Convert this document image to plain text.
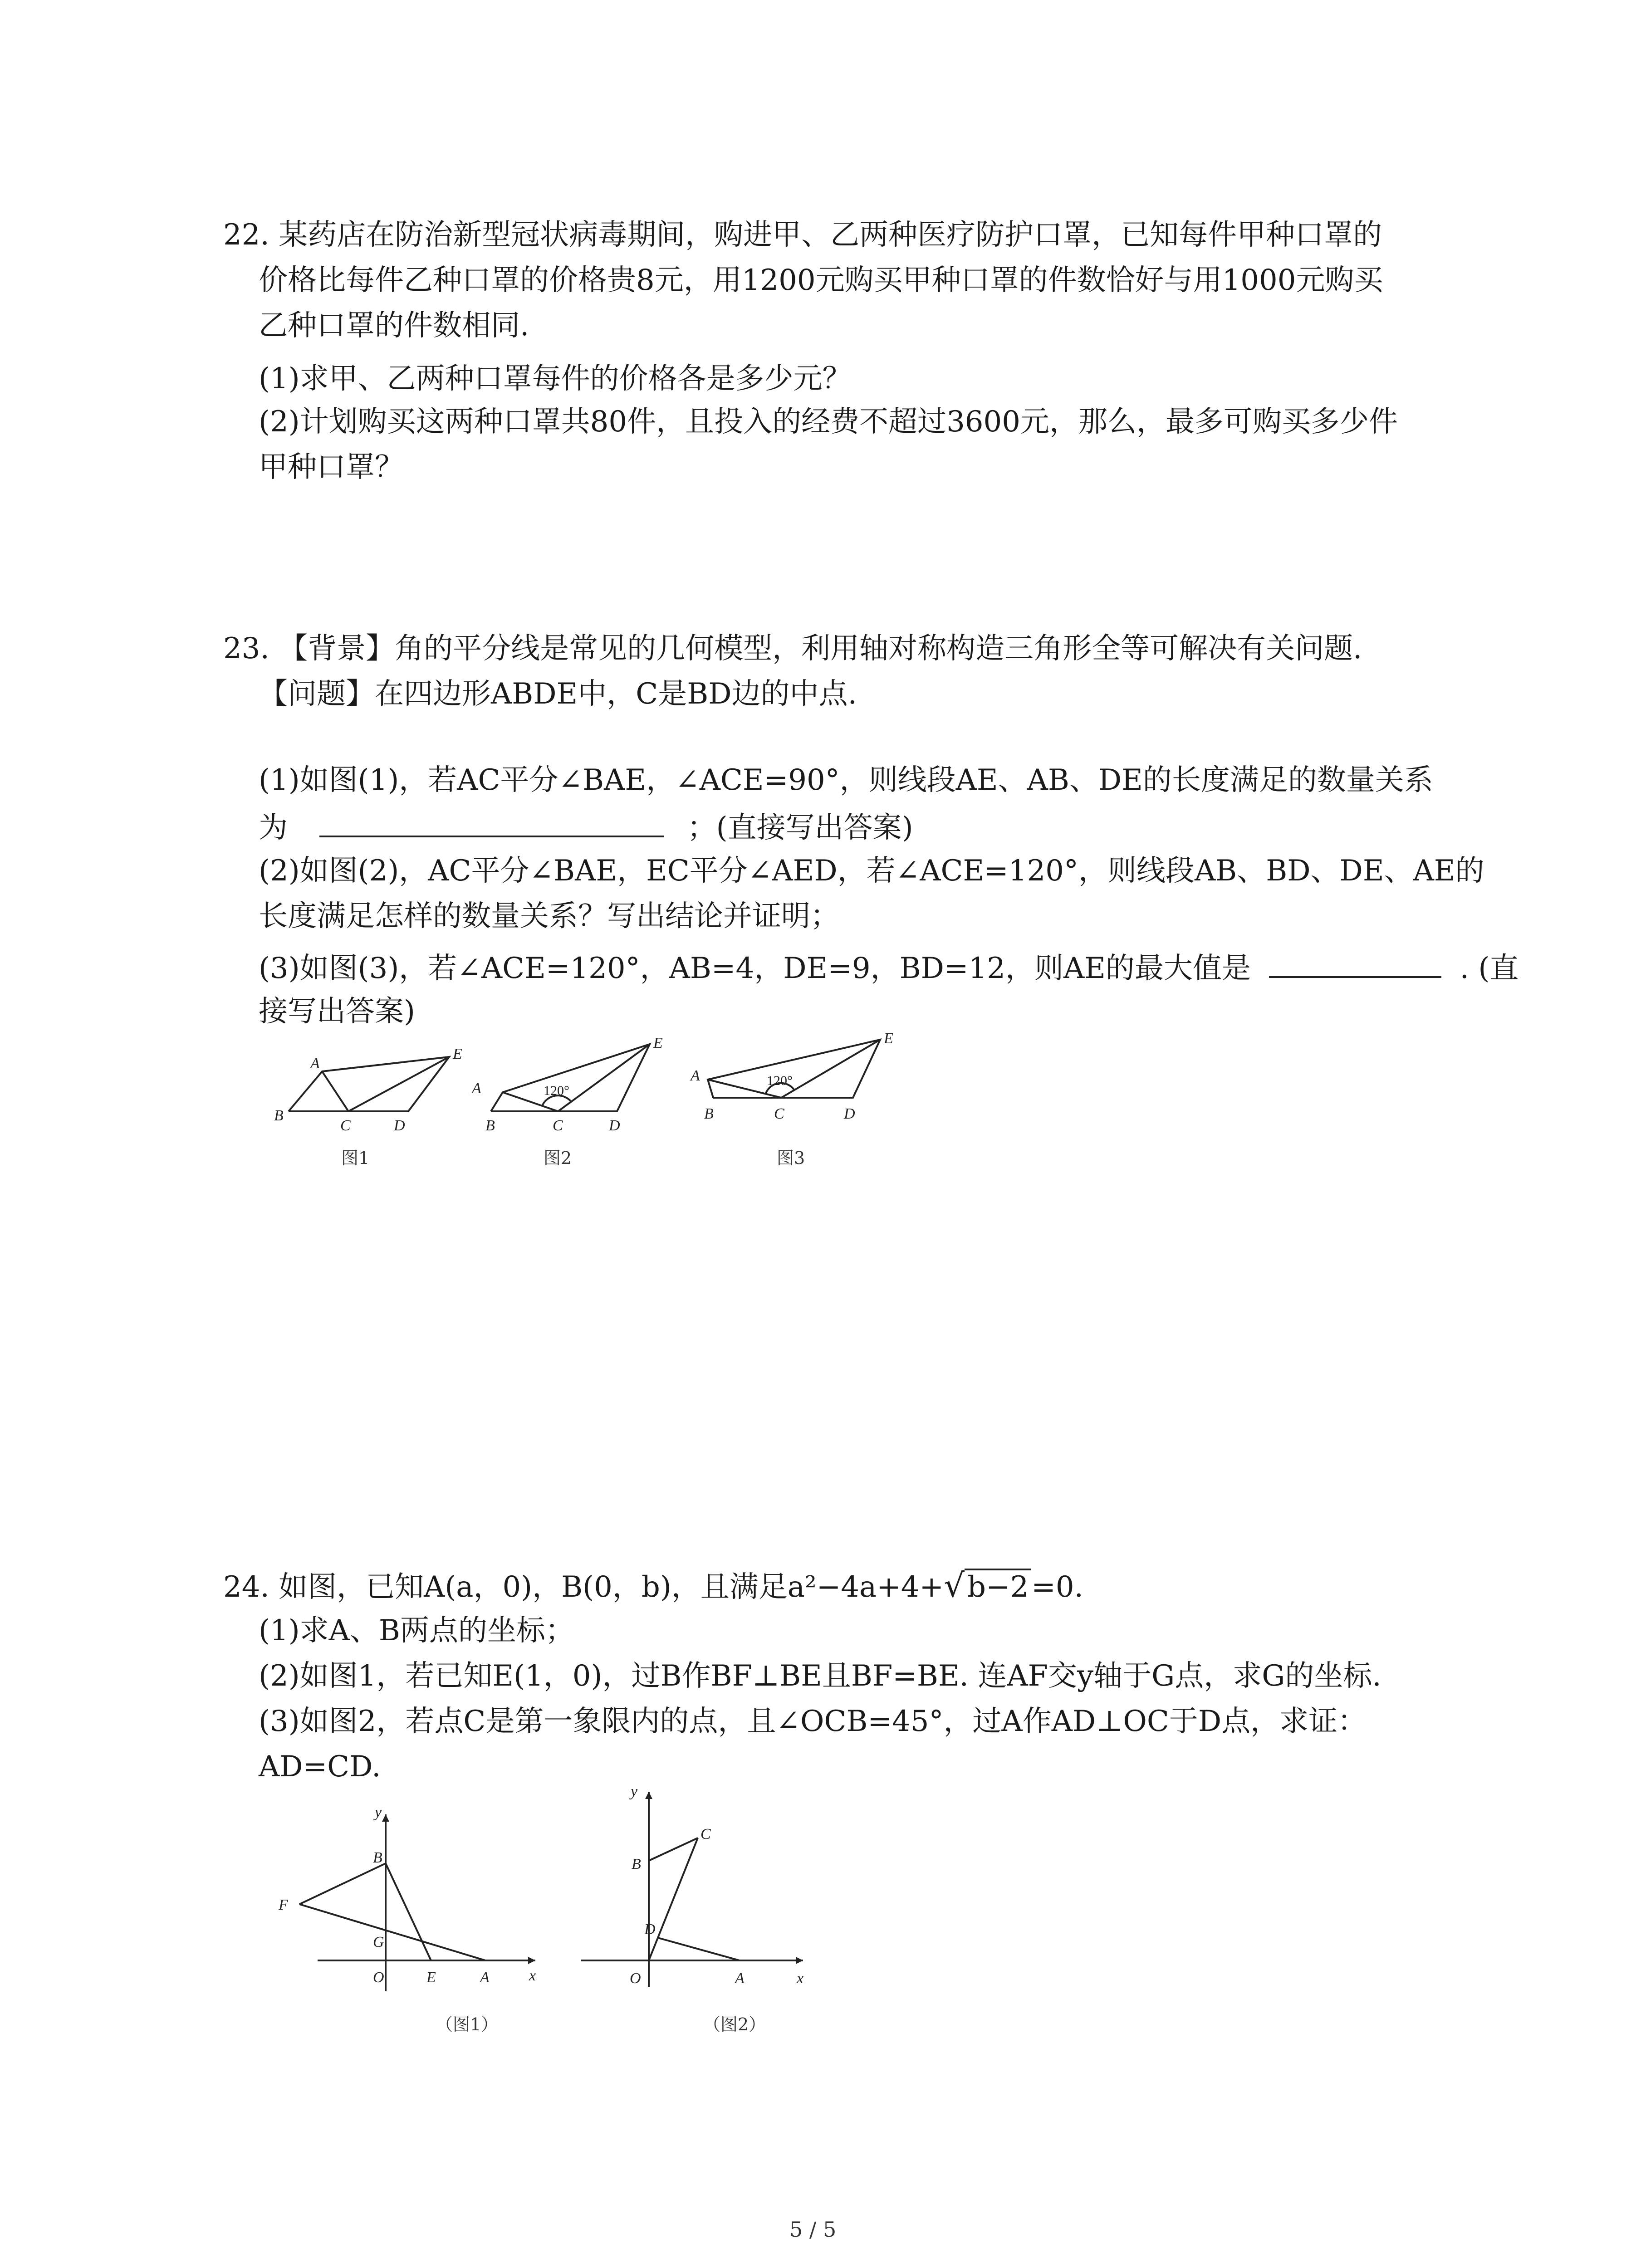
22. 某药店在防治新型冠状病毒期间，购进甲、乙两种医疗防护口罩，已知每件甲种口罩的
价格比每件乙种口罩的价格贵8元，用1200元购买甲种口罩的件数恰好与用1000元购买
乙种口罩的件数相同.
(1)求甲、乙两种口罩每件的价格各是多少元？
(2)计划购买这两种口罩共80件，且投入的经费不超过3600元，那么，最多可购买多少件
甲种口罩？
23. 【背景】角的平分线是常见的几何模型，利用轴对称构造三角形全等可解决有关问题.
【问题】在四边形ABDE中，C是BD边的中点.
(1)如图(1)，若AC平分∠BAE，∠ACE=90°，则线段AE、AB、DE的长度满足的数量关系
为	；(直接写出答案)
(2)如图(2)，AC平分∠BAE，EC平分∠AED，若∠ACE=120°，则线段AB、BD、DE、AE的
长度满足怎样的数量关系？写出结论并证明；
(3)如图(3)，若∠ACE=120°，AB=4，DE=9，BD=12，则AE的最大值是	. (直
接写出答案)
A
E
B
C	D
图1
A
E
B	C	D
120°
图2
A
E
B	C	D
120°
图3
24. 如图，已知A(a，0)，B(0，b)，且满足a²−4a+4+√b−2=0.
(1)求A、B两点的坐标；
(2)如图1，若已知E(1，0)，过B作BF⊥BE且BF=BE. 连AF交y轴于G点，求G的坐标.
(3)如图2，若点C是第一象限内的点，且∠OCB=45°，过A作AD⊥OC于D点，求证：
AD=CD.
y
x
B
F
G
O	E	A
（图1）
y
C
B
D
O	A	x
（图2）
5 / 5
